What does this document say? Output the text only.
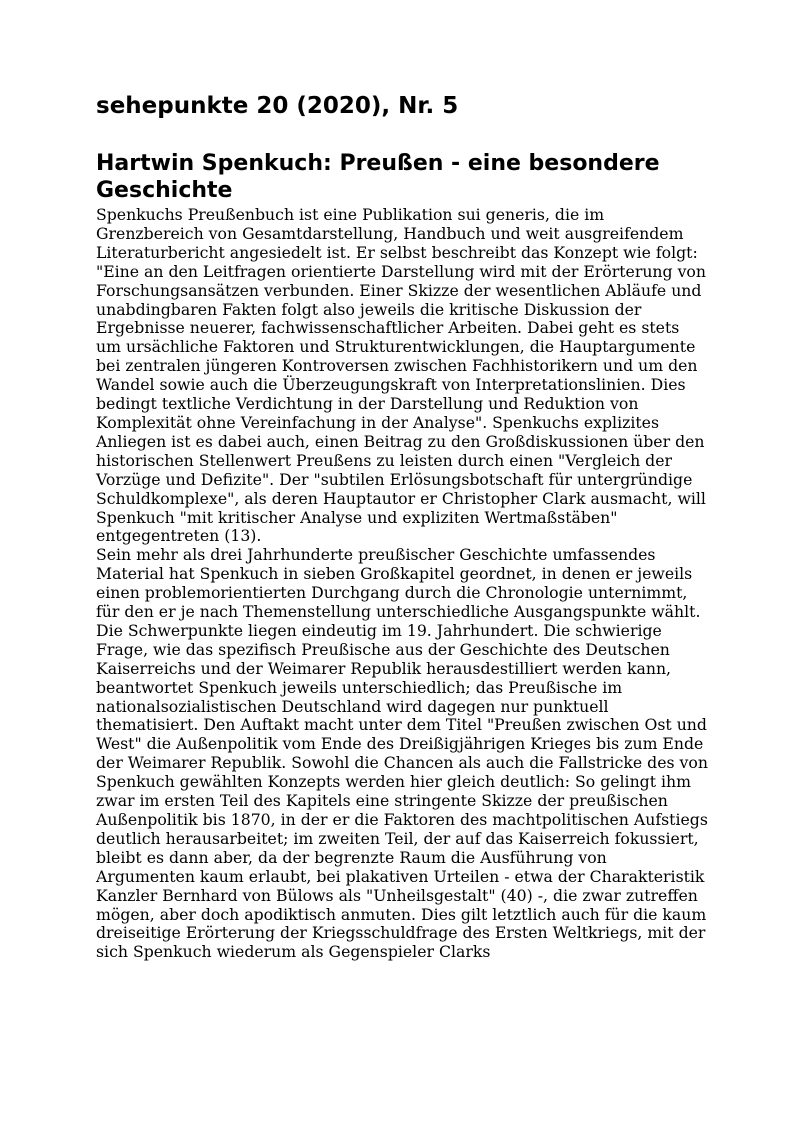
sehepunkte 20 (2020), Nr. 5
Hartwin Spenkuch: Preußen - eine besondere Geschichte

Spenkuchs Preußenbuch ist eine Publikation sui generis, die im Grenzbereich von Gesamtdarstellung, Handbuch und weit ausgreifendem Literaturbericht angesiedelt ist. Er selbst beschreibt das Konzept wie folgt: "Eine an den Leitfragen orientierte Darstellung wird mit der Erörterung von Forschungsansätzen verbunden. Einer Skizze der wesentlichen Abläufe und unabdingbaren Fakten folgt also jeweils die kritische Diskussion der Ergebnisse neuerer, fachwissenschaftlicher Arbeiten. Dabei geht es stets um ursächliche Faktoren und Strukturentwicklungen, die Hauptargumente bei zentralen jüngeren Kontroversen zwischen Fachhistorikern und um den Wandel sowie auch die Überzeugungskraft von Interpretationslinien. Dies bedingt textliche Verdichtung in der Darstellung und Reduktion von Komplexität ohne Vereinfachung in der Analyse". Spenkuchs explizites Anliegen ist es dabei auch, einen Beitrag zu den Großdiskussionen über den historischen Stellenwert Preußens zu leisten durch einen "Vergleich der Vorzüge und Defizite". Der "subtilen Erlösungsbotschaft für untergründige Schuldkomplexe", als deren Hauptautor er Christopher Clark ausmacht, will Spenkuch "mit kritischer Analyse und expliziten Wertmaßstäben" entgegentreten (13).

Sein mehr als drei Jahrhunderte preußischer Geschichte umfassendes Material hat Spenkuch in sieben Großkapitel geordnet, in denen er jeweils einen problemorientierten Durchgang durch die Chronologie unternimmt, für den er je nach Themenstellung unterschiedliche Ausgangspunkte wählt. Die Schwerpunkte liegen eindeutig im 19. Jahrhundert. Die schwierige Frage, wie das spezifisch Preußische aus der Geschichte des Deutschen Kaiserreichs und der Weimarer Republik herausdestilliert werden kann, beantwortet Spenkuch jeweils unterschiedlich; das Preußische im nationalsozialistischen Deutschland wird dagegen nur punktuell thematisiert. Den Auftakt macht unter dem Titel "Preußen zwischen Ost und West" die Außenpolitik vom Ende des Dreißigjährigen Krieges bis zum Ende der Weimarer Republik. Sowohl die Chancen als auch die Fallstricke des von Spenkuch gewählten Konzepts werden hier gleich deutlich: So gelingt ihm zwar im ersten Teil des Kapitels eine stringente Skizze der preußischen Außenpolitik bis 1870, in der er die Faktoren des machtpolitischen Aufstiegs deutlich herausarbeitet; im zweiten Teil, der auf das Kaiserreich fokussiert, bleibt es dann aber, da der begrenzte Raum die Ausführung von Argumenten kaum erlaubt, bei plakativen Urteilen - etwa der Charakteristik Kanzler Bernhard von Bülows als "Unheilsgestalt" (40) -, die zwar zutreffen mögen, aber doch apodiktisch anmuten. Dies gilt letztlich auch für die kaum dreiseitige Erörterung der Kriegsschuldfrage des Ersten Weltkriegs, mit der sich Spenkuch wiederum als Gegenspieler Clarks
